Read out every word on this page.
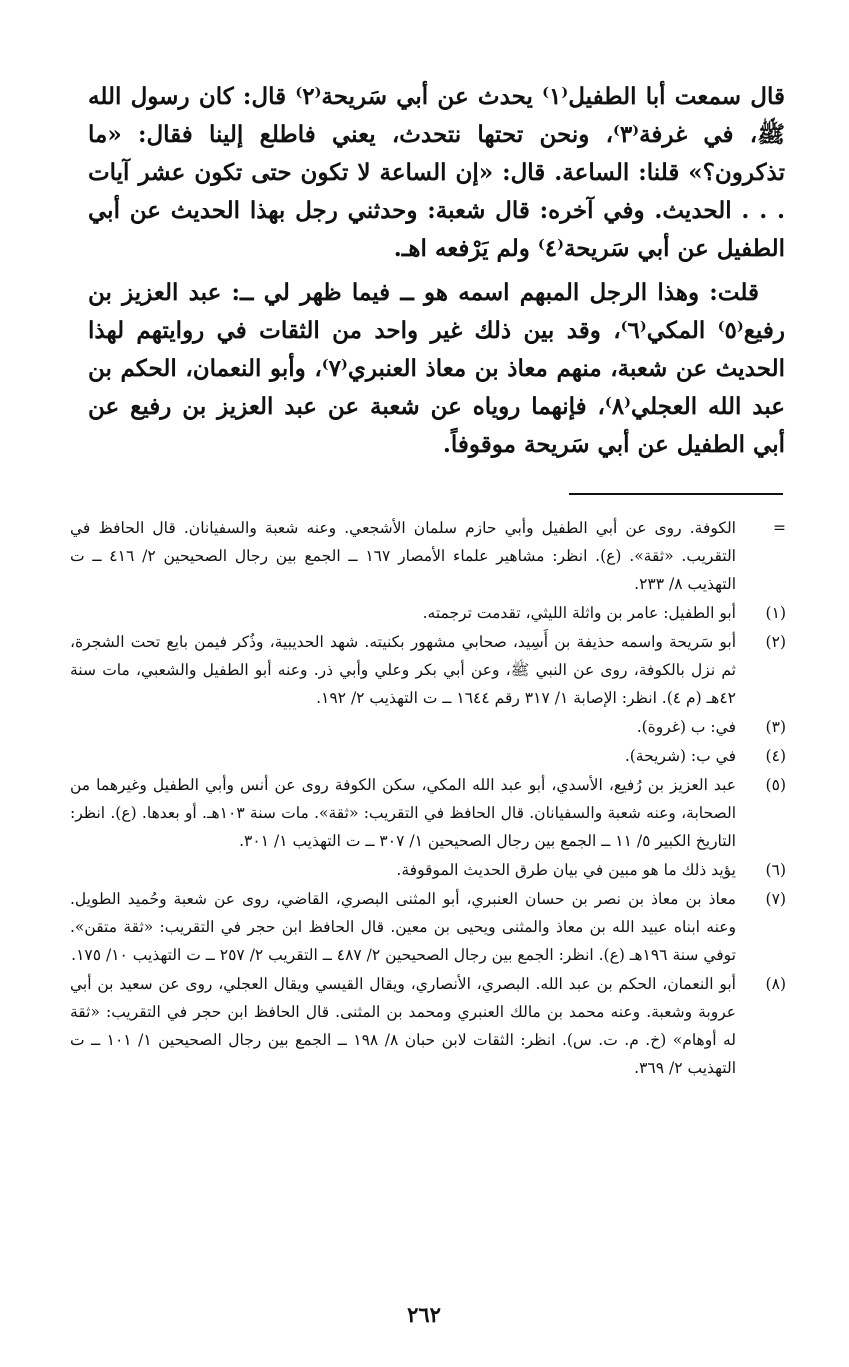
قال سمعت أبا الطفيل⁽١⁾ يحدث عن أبي سَريحة⁽٢⁾ قال: كان رسول الله ﷺ، في غرفة⁽٣⁾، ونحن تحتها نتحدث، يعني فاطلع إلينا فقال: «ما تذكرون؟» قلنا: الساعة. قال: «إن الساعة لا تكون حتى تكون عشر آيات . . . الحديث. وفي آخره: قال شعبة: وحدثني رجل بهذا الحديث عن أبي الطفيل عن أبي سَريحة⁽٤⁾ ولم يَرْفعه اهـ.

قلت: وهذا الرجل المبهم اسمه هو ــ فيما ظهر لي ــ: عبد العزيز بن رفيع⁽٥⁾ المكي⁽٦⁾، وقد بين ذلك غير واحد من الثقات في روايتهم لهذا الحديث عن شعبة، منهم معاذ بن معاذ العنبري⁽٧⁾، وأبو النعمان، الحكم بن عبد الله العجلي⁽٨⁾، فإنهما روياه عن شعبة عن عبد العزيز بن رفيع عن أبي الطفيل عن أبي سَريحة موقوفاً.

=
الكوفة. روى عن أبي الطفيل وأبي حازم سلمان الأشجعي. وعنه شعبة والسفيانان. قال الحافظ في التقريب. «ثقة». (ع). انظر: مشاهير علماء الأمصار ١٦٧ ــ الجمع بين رجال الصحيحين ٢/ ٤١٦ ــ ت التهذيب ٨/ ٢٣٣.
(١)
أبو الطفيل: عامر بن واثلة الليثي، تقدمت ترجمته.
(٢)
أبو سَريحة واسمه حذيفة بن أَسِيد، صحابي مشهور بكنيته. شهد الحديبية، وذُكر فيمن بايع تحت الشجرة، ثم نزل بالكوفة، روى عن النبي ﷺ، وعن أبي بكر وعلي وأبي ذر. وعنه أبو الطفيل والشعبي، مات سنة ٤٢هـ (م ٤). انظر: الإصابة ١/ ٣١٧ رقم ١٦٤٤ ــ ت التهذيب ٢/ ١٩٢.
(٣)
في: ب (غروة).
(٤)
في ب: (شريحة).
(٥)
عبد العزيز بن رُفيع، الأسدي، أبو عبد الله المكي، سكن الكوفة روى عن أنس وأبي الطفيل وغيرهما من الصحابة، وعنه شعبة والسفيانان. قال الحافظ في التقريب: «ثقة». مات سنة ١٠٣هـ. أو بعدها. (ع). انظر: التاريخ الكبير ٥/ ١١ ــ الجمع بين رجال الصحيحين ١/ ٣٠٧ ــ ت التهذيب ١/ ٣٠١.
(٦)
يؤيد ذلك ما هو مبين في بيان طرق الحديث الموقوفة.
(٧)
معاذ بن معاذ بن نصر بن حسان العنبري، أبو المثنى البصري، القاضي، روى عن شعبة وحُميد الطويل. وعنه ابناه عبيد الله بن معاذ والمثنى ويحيى بن معين. قال الحافظ ابن حجر في التقريب: «ثقة متقن». توفي سنة ١٩٦هـ (ع). انظر: الجمع بين رجال الصحيحين ٢/ ٤٨٧ ــ التقريب ٢/ ٢٥٧ ــ ت التهذيب ١٠/ ١٧٥.
(٨)
أبو النعمان، الحكم بن عبد الله. البصري، الأنصاري، ويقال القيسي ويقال العجلي، روى عن سعيد بن أبي عروبة وشعبة. وعنه محمد بن مالك العنبري ومحمد بن المثنى. قال الحافظ ابن حجر في التقريب: «ثقة له أوهام» (خ. م. ت. س). انظر: الثقات لابن حبان ٨/ ١٩٨ ــ الجمع بين رجال الصحيحين ١/ ١٠١ ــ ت التهذيب ٢/ ٣٦٩.
٢٦٢
